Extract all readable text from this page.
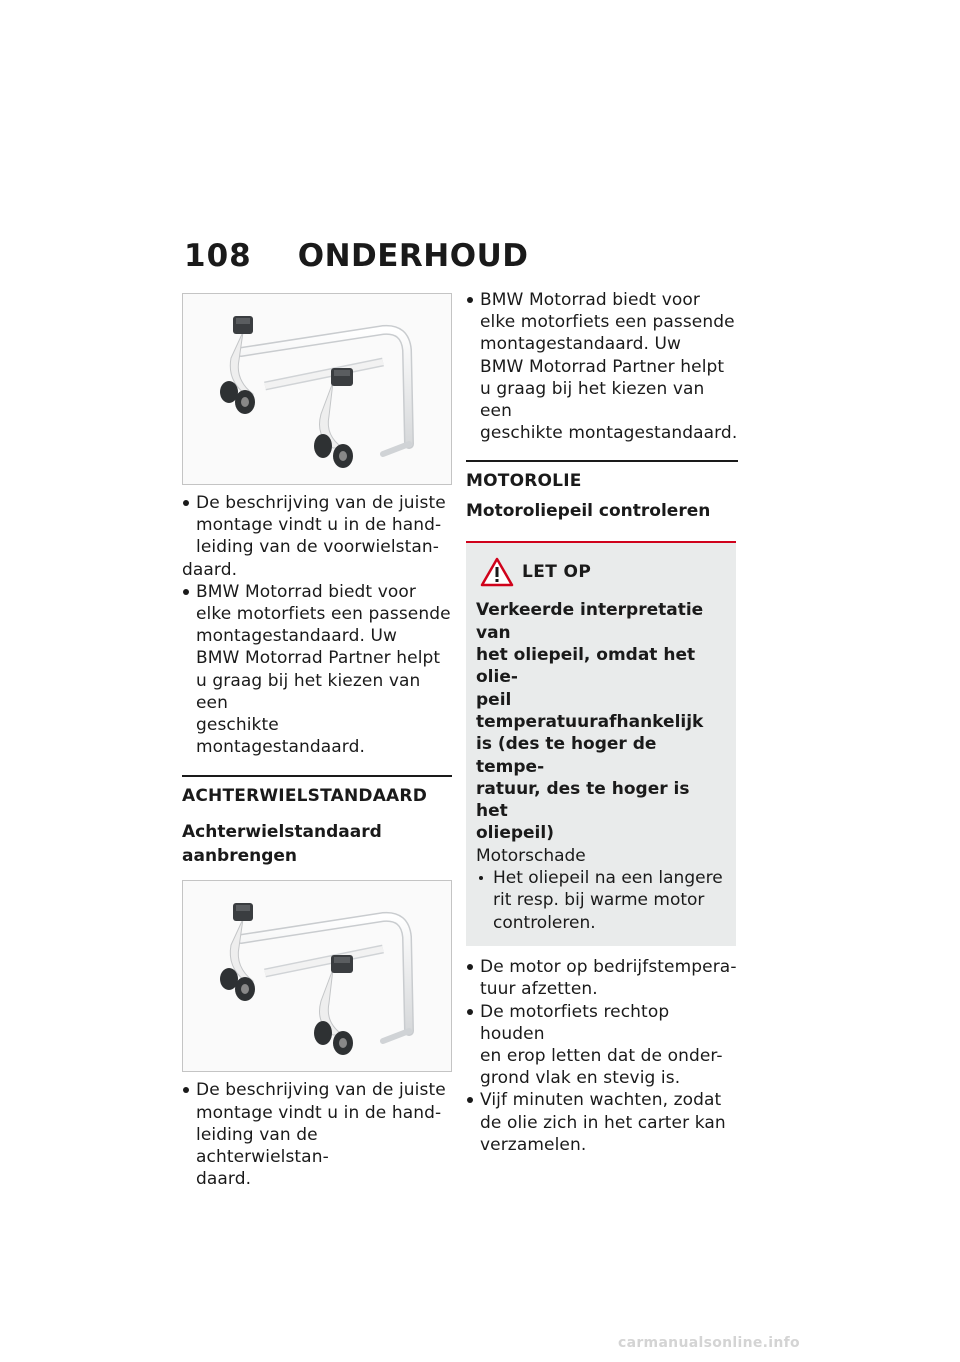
108 ONDERHOUD
De beschrijving van de juiste
montage vindt u in de hand-
leiding van de voorwielstan-
daard.
BMW Motorrad biedt voor
elke motorfiets een passende
montagestandaard. Uw
BMW Motorrad Partner helpt
u graag bij het kiezen van een
geschikte montagestandaard.
ACHTERWIELSTANDAARD
Achterwielstandaard
aanbrengen
De beschrijving van de juiste
montage vindt u in de hand-
leiding van de achterwielstan-
daard.
BMW Motorrad biedt voor
elke motorfiets een passende
montagestandaard. Uw
BMW Motorrad Partner helpt
u graag bij het kiezen van een
geschikte montagestandaard.
MOTOROLIE
Motoroliepeil controleren
LET OP
Verkeerde interpretatie van
het oliepeil, omdat het olie-
peil temperatuurafhankelijk
is (des te hoger de tempe-
ratuur, des te hoger is het
oliepeil)
Motorschade
Het oliepeil na een langere
rit resp. bij warme motor
controleren.
De motor op bedrijfstempera-
tuur afzetten.
De motorfiets rechtop houden
en erop letten dat de onder-
grond vlak en stevig is.
Vijf minuten wachten, zodat
de olie zich in het carter kan
verzamelen.
carmanualsonline.info
